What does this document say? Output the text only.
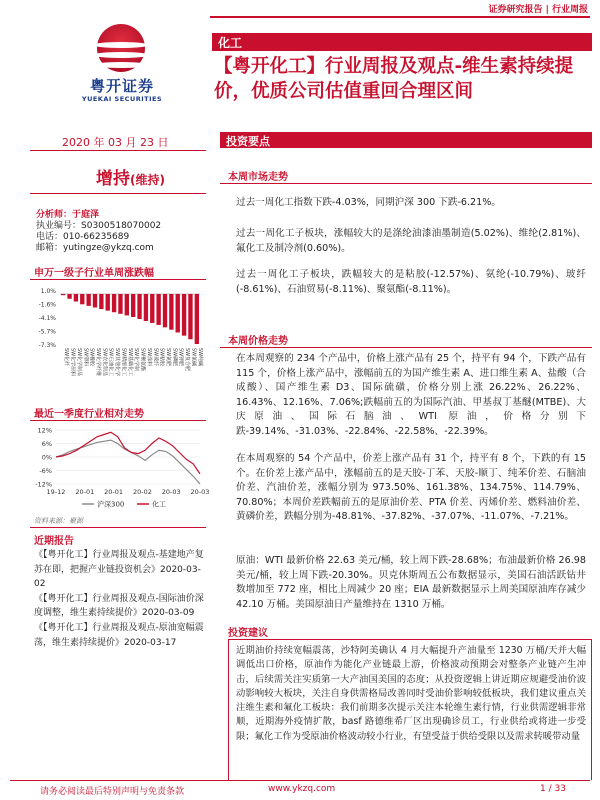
证券研究报告 | 行业周报
粤开证券
YUEKAI SECURITIES
化工
【粤开化工】行业周报及观点-维生素持续提价，优质公司估值重回合理区间
2020 年 03 月 23 日
增持(维持)
投资要点
分析师：于庭泽
执业编号：S0300518070002
电话：010-66235689
邮箱：yutingze@ykzq.com
申万一级子行业单周涨跌幅
1.0%
-1.6%
-4.1%
-5.7%
-7.3%
SW化纤 SW化学原料 SW化学制品 SW塑料 SW橡胶 SW化学纤维 SW农化制品 SW石油化工 SW其他化学 SW精细化工 SW基础化工 SW化学制 SW聚氨酯 SW涂料 SW玻纤 SW粘胶 SW氮肥 SW磷肥 SW钾肥 SW复合肥 SW氯碱 SW纯碱
最近一季度行业相对走势
12%
6%
0%
-6%
-12%
19-12 20-01 20-01 20-02 20-03 20-03
沪深300	化工
资料来源：聚源
近期报告
《【粤开化工】行业周报及观点-基建地产复苏在即，把握产业链投资机会》2020-03-02
《【粤开化工】行业周报及观点-国际油价深度调整，维生素持续提价》2020-03-09
《【粤开化工】行业周报及观点-原油宽幅震荡，维生素持续提价》2020-03-17
本周市场走势
过去一周化工指数下跌-4.03%，同期沪深 300 下跌-6.21%。
过去一周化工子板块，涨幅较大的是涤纶油漆油墨制造(5.02%)、维纶(2.81%)、氟化工及制冷剂(0.60%)。
过去一周化工子板块，跌幅较大的是粘胶(-12.57%)、氨纶(-10.79%)、玻纤(-8.61%)、石油贸易(-8.11%)、聚氨酯(-8.11%)。
本周价格走势
在本周观察的 234 个产品中，价格上涨产品有 25 个，持平有 94 个，下跌产品有 115 个，价格上涨产品中，涨幅前五的为国产维生素 A、进口维生素 A、盐酸（合成酸）、国产维生素 D3、国际硫磺，价格分别上涨 26.22%、26.22%、16.43%、12.16%、7.06%;跌幅前五的为国际汽油、甲基叔丁基醚(MTBE)、大庆原油、国际石脑油、WTI 原油，价格分别下跌-39.14%、-31.03%、-22.84%、-22.58%、-22.39%。
在本周观察的 54 个产品中，价差上涨产品有 31 个，持平有 8 个，下跌的有 15 个。在价差上涨产品中，涨幅前五的是天胶-丁苯、天胶-顺丁、纯苯价差、石脑油价差、汽油价差，涨幅分别为 973.50%、161.38%、134.75%、114.79%、70.80%；本周价差跌幅前五的是原油价差、PTA 价差、丙烯价差、燃料油价差、黄磷价差，跌幅分别为-48.81%、-37.82%、-37.07%、-11.07%、-7.21%。
原油：WTI 最新价格 22.63 美元/桶，较上周下跌-28.68%；布油最新价格 26.98 美元/桶，较上周下跌-20.30%。贝克休斯周五公布数据显示，美国石油活跃钻井数增加至 772 座，相比上周减少 20 座；EIA 最新数据显示上周美国原油库存减少 42.10 万桶。美国原油日产量维持在 1310 万桶。
投资建议
近期油价持续宽幅震荡，沙特阿美确认 4 月大幅提升产油量至 1230 万桶/天并大幅调低出口价格，原油作为能化产业链最上游，价格波动预期会对整条产业链产生冲击，后续需关注实质第一大产油国美国的态度；从投资逻辑上讲近期应规避受油价波动影响较大板块，关注自身供需格局改善同时受油价影响较低板块，我们建议重点关注维生素和氟化工板块：我们前期多次提示关注本轮维生素行情，行业供需逻辑非常顺，近期海外疫情扩散，basf 路德维希厂区出现确诊员工，行业供给或将进一步受限；氟化工作为受原油价格波动较小行业，有望受益于供给受限以及需求转暖带动量
请务必阅读最后特别声明与免责条款	www.ykzq.com	1 / 33
